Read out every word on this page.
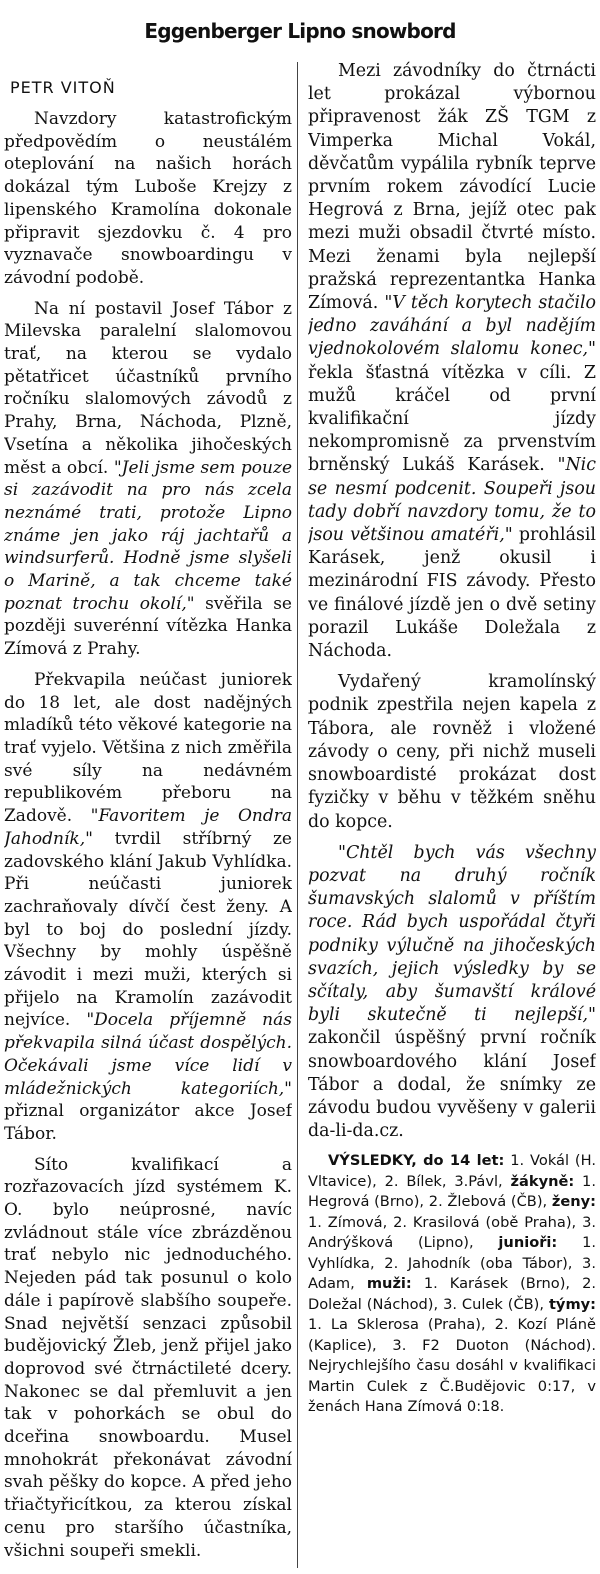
Eggenberger Lipno snowbord
PETR VITOŇ

Navzdory katastrofickým předpovědím o neustálém oteplování na našich horách dokázal tým Luboše Krejzy z lipenského Kramolína dokonale připravit sjezdovku č. 4 pro vyznavače snowboardingu v závodní podobě.

Na ní postavil Josef Tábor z Milevska paralelní slalomovou trať, na kterou se vydalo pětatřicet účastníků prvního ročníku slalomových závodů z Prahy, Brna, Náchoda, Plzně, Vsetína a několika jihočeských měst a obcí. "Jeli jsme sem pouze si zazávodit na pro nás zcela neznámé trati, protože Lipno známe jen jako ráj jachtařů a windsurferů. Hodně jsme slyšeli o Marině, a tak chceme také poznat trochu okolí," svěřila se později suverénní vítězka Hanka Zímová z Prahy.

Překvapila neúčast juniorek do 18 let, ale dost nadějných mladíků této věkové kategorie na trať vyjelo. Většina z nich změřila své síly na nedávném republikovém přeboru na Zadově. "Favoritem je Ondra Jahodník," tvrdil stříbrný ze zadovského klání Jakub Vyhlídka. Při neúčasti juniorek zachraňovaly dívčí čest ženy. A byl to boj do poslední jízdy. Všechny by mohly úspěšně závodit i mezi muži, kterých si přijelo na Kramolín zazávodit nejvíce. "Docela příjemně nás překvapila silná účast dospělých. Očekávali jsme více lidí v mládežnických kategoriích," přiznal organizátor akce Josef Tábor.

Síto kvalifikací a rozřazovacích jízd systémem K. O. bylo neúprosné, navíc zvládnout stále více zbrázděnou trať nebylo nic jednoduchého. Nejeden pád tak posunul o kolo dále i papírově slabšího soupeře. Snad největší senzaci způsobil budějovický Žleb, jenž přijel jako doprovod své čtrnáctileté dcery. Nakonec se dal přemluvit a jen tak v pohorkách se obul do dceřina snowboardu. Musel mnohokrát překonávat závodní svah pěšky do kopce. A před jeho třiačtyřicítkou, za kterou získal cenu pro staršího účastníka, všichni soupeři smekli.

Mezi závodníky do čtrnácti let prokázal výbornou připravenost žák ZŠ TGM z Vimperka Michal Vokál, děvčatům vypálila rybník teprve prvním rokem závodící Lucie Hegrová z Brna, jejíž otec pak mezi muži obsadil čtvrté místo. Mezi ženami byla nejlepší pražská reprezentantka Hanka Zímová. "V těch korytech stačilo jedno zaváhání a byl nadějím vjednokolovém slalomu konec," řekla šťastná vítězka v cíli. Z mužů kráčel od první kvalifikační jízdy nekompromisně za prvenstvím brněnský Lukáš Karásek. "Nic se nesmí podcenit. Soupeři jsou tady dobří navzdory tomu, že to jsou většinou amatéři," prohlásil Karásek, jenž okusil i mezinárodní FIS závody. Přesto ve finálové jízdě jen o dvě setiny porazil Lukáše Doležala z Náchoda.

Vydařený kramolínský podnik zpestřila nejen kapela z Tábora, ale rovněž i vložené závody o ceny, při nichž museli snowboardisté prokázat dost fyzičky v běhu v těžkém sněhu do kopce.

"Chtěl bych vás všechny pozvat na druhý ročník šumavských slalomů v příštím roce. Rád bych uspořádal čtyři podniky výlučně na jihočeských svazích, jejich výsledky by se sčítaly, aby šumavští králové byli skutečně ti nejlepší," zakončil úspěšný první ročník snowboardového klání Josef Tábor a dodal, že snímky ze závodu budou vyvěšeny v galerii da-li-da.cz.

VÝSLEDKY, do 14 let: 1. Vokál (H. Vltavice), 2. Bílek, 3.Pávl, žákyně: 1. Hegrová (Brno), 2. Žlebová (ČB), ženy: 1. Zímová, 2. Krasilová (obě Praha), 3. Andrýšková (Lipno), junioři: 1. Vyhlídka, 2. Jahodník (oba Tábor), 3. Adam, muži: 1. Karásek (Brno), 2. Doležal (Náchod), 3. Culek (ČB), týmy: 1. La Sklerosa (Praha), 2. Kozí Pláně (Kaplice), 3. F2 Duoton (Náchod). Nejrychlejšího času dosáhl v kvalifikaci Martin Culek z Č.Budějovic 0:17, v ženách Hana Zímová 0:18.
